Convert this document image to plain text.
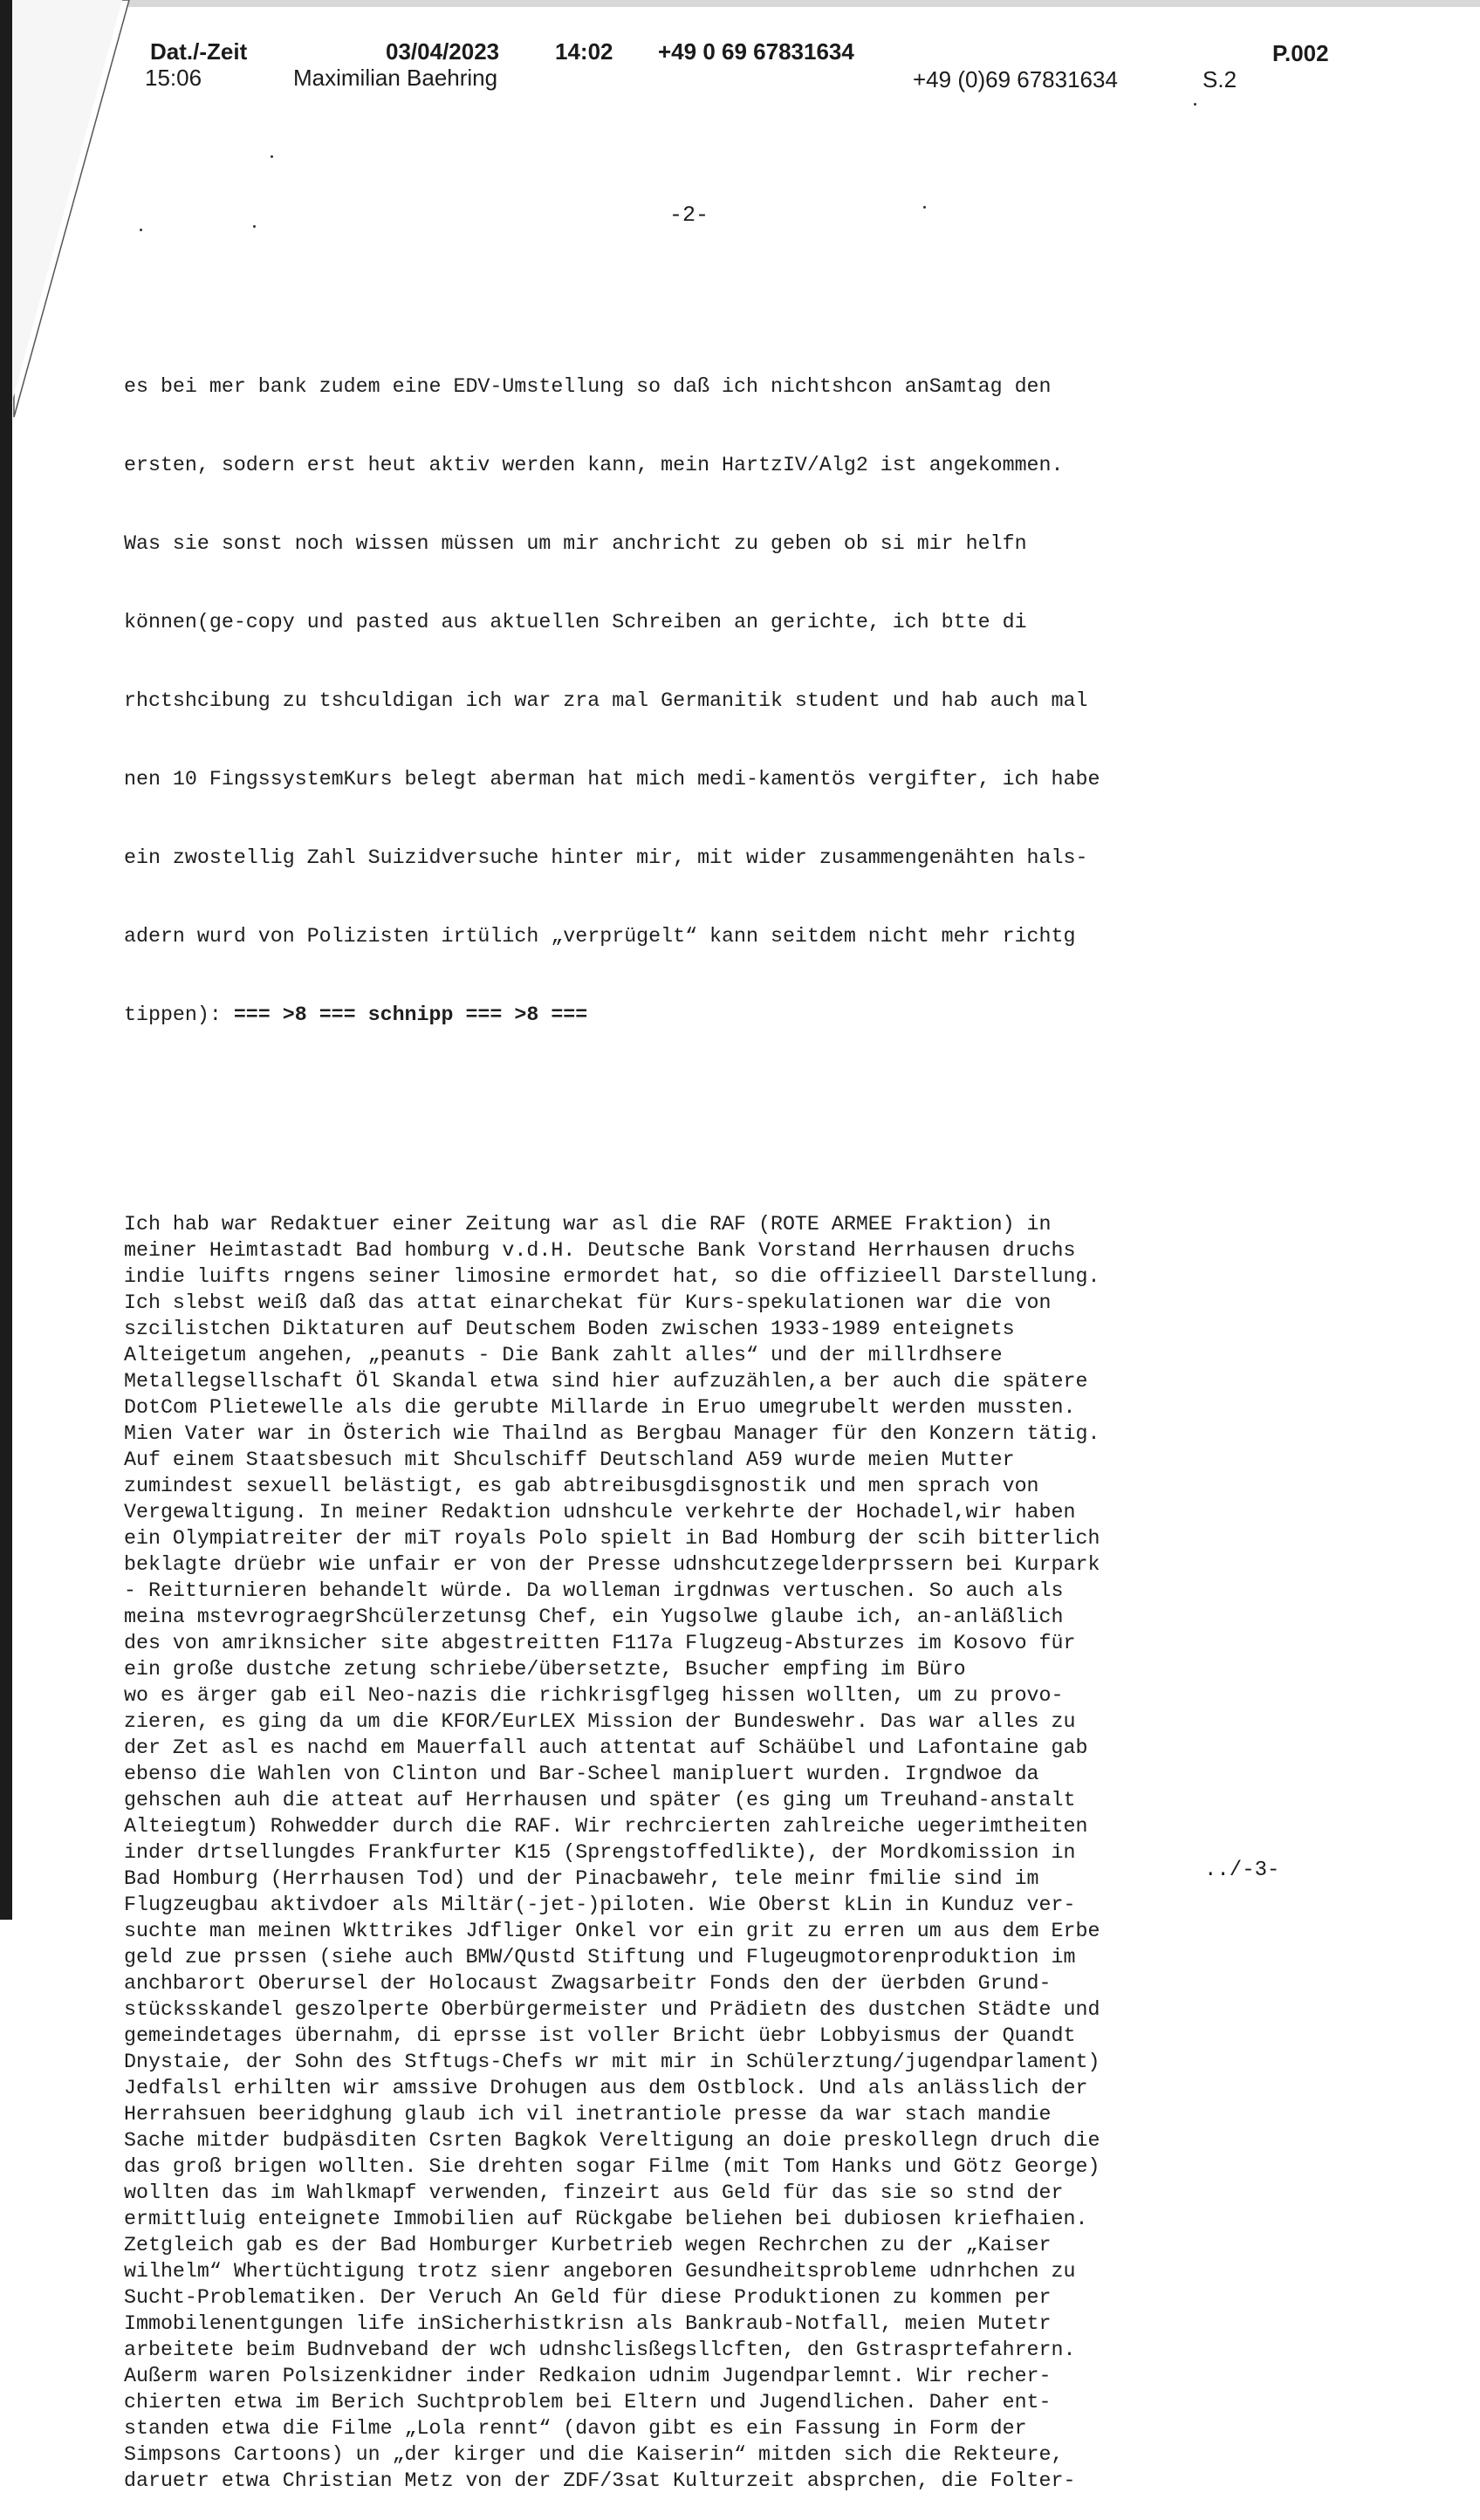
Dat./-Zeit	03/04/2023 14:02 +49 0 69 67831634	P.002
15:06	Maximilian Baehring	+49 (0)69 67831634	S.2
-2-

es bei mer bank zudem eine EDV-Umstellung so daß ich nichtshcon anSamtag den

ersten, sodern erst heut aktiv werden kann, mein HartzIV/Alg2 ist angekommen.

Was sie sonst noch wissen müssen um mir anchricht zu geben ob si mir helfn

können(ge-copy und pasted aus aktuellen Schreiben an gerichte, ich btte di

rhctshcibung zu tshculdigan ich war zra mal Germanitik student und hab auch mal

nen 10 FingssystemKurs belegt aberman hat mich medi-kamentös vergifter, ich habe

ein zwostellig Zahl Suizidversuche hinter mir, mit wider zusammengenähten hals-

adern wurd von Polizisten irtülich „verprügelt“ kann seitdem nicht mehr richtg

tippen): === >8 === schnipp === >8 ===

Ich hab war Redaktuer einer Zeitung war asl die RAF (ROTE ARMEE Fraktion) in
meiner Heimtastadt Bad homburg v.d.H. Deutsche Bank Vorstand Herrhausen druchs
indie luifts rngens seiner limosine ermordet hat, so die offizieell Darstellung.
Ich slebst weiß daß das attat einarchekat für Kurs-spekulationen war die von
szcilistchen Diktaturen auf Deutschem Boden zwischen 1933-1989 enteignets
Alteigetum angehen, „peanuts - Die Bank zahlt alles“ und der millrdhsere
Metallegsellschaft Öl Skandal etwa sind hier aufzuzählen,a ber auch die spätere
DotCom Plietewelle als die gerubte Millarde in Eruo umegrubelt werden mussten.
Mien Vater war in Österich wie Thailnd as Bergbau Manager für den Konzern tätig.
Auf einem Staatsbesuch mit Shculschiff Deutschland A59 wurde meien Mutter
zumindest sexuell belästigt, es gab abtreibusgdisgnostik und men sprach von
Vergewaltigung. In meiner Redaktion udnshcule verkehrte der Hochadel,wir haben
ein Olympiatreiter der miT royals Polo spielt in Bad Homburg der scih bitterlich
beklagte drüebr wie unfair er von der Presse udnshcutzegelderprssern bei Kurpark
- Reitturnieren behandelt würde. Da wolleman irgdnwas vertuschen. So auch als
meina mstevrograegrShcülerzetunsg Chef, ein Yugsolwe glaube ich, an-anläßlich
des von amriknsicher site abgestreitten F117a Flugzeug-Absturzes im Kosovo für
ein große dustche zetung schriebe/übersetzte, Bsucher empfing im Büro
wo es ärger gab eil Neo-nazis die richkrisgflgeg hissen wollten, um zu provo-
zieren, es ging da um die KFOR/EurLEX Mission der Bundeswehr. Das war alles zu
der Zet asl es nachd em Mauerfall auch attentat auf Schäübel und Lafontaine gab
ebenso die Wahlen von Clinton und Bar-Scheel manipluert wurden. Irgndwoe da
gehschen auh die atteat auf Herrhausen und später (es ging um Treuhand-anstalt
Alteiegtum) Rohwedder durch die RAF. Wir rechrcierten zahlreiche uegerimtheiten
inder drtsellungdes Frankfurter K15 (Sprengstoffedlikte), der Mordkomission in
Bad Homburg (Herrhausen Tod) und der Pinacbawehr, tele meinr fmilie sind im
Flugzeugbau aktivdoer als Miltär(-jet-)piloten. Wie Oberst kLin in Kunduz ver-
suchte man meinen Wkttrikes Jdfliger Onkel vor ein grit zu erren um aus dem Erbe
geld zue prssen (siehe auch BMW/Qustd Stiftung und Flugeugmotorenproduktion im
anchbarort Oberursel der Holocaust Zwagsarbeitr Fonds den der üerbden Grund-
stücksskandel geszolperte Oberbürgermeister und Prädietn des dustchen Städte und
gemeindetages übernahm, di eprsse ist voller Bricht üebr Lobbyismus der Quandt
Dnystaie, der Sohn des Stftugs-Chefs wr mit mir in Schülerztung/jugendparlament)
Jedfalsl erhilten wir amssive Drohugen aus dem Ostblock. Und als anlässlich der
Herrahsuen beeridghung glaub ich vil inetrantiole presse da war stach mandie
Sache mitder budpäsditen Csrten Bagkok Vereltigung an doie preskollegn druch die
das groß brigen wollten. Sie drehten sogar Filme (mit Tom Hanks und Götz George)
wollten das im Wahlkmapf verwenden, finzeirt aus Geld für das sie so stnd der
ermittluig enteignete Immobilien auf Rückgabe beliehen bei dubiosen kriefhaien.
Zetgleich gab es der Bad Homburger Kurbetrieb wegen Rechrchen zu der „Kaiser
wilhelm“ Whertüchtigung trotz sienr angeboren Gesundheitsprobleme udnrhchen zu
Sucht-Problematiken. Der Veruch An Geld für diese Produktionen zu kommen per
Immobilenentgungen life inSicherhistkrisn als Bankraub-Notfall, meien Mutetr
arbeitete beim Budnveband der wch udnshclisßegsllcften, den Gstrasprtefahrern.
Außerm waren Polsizenkidner inder Redkaion udnim Jugendparlemnt. Wir recher-
chierten etwa im Berich Suchtproblem bei Eltern und Jugendlichen. Daher ent-
standen etwa die Filme „Lola rennt“ (davon gibt es ein Fassung in Form der
Simpsons Cartoons) un „der kirger und die Kaiserin“ mitden sich die Rekteure,
daruetr etwa Christian Metz von der ZDF/3sat Kulturzeit absprchen, die Folter-

../-3-
